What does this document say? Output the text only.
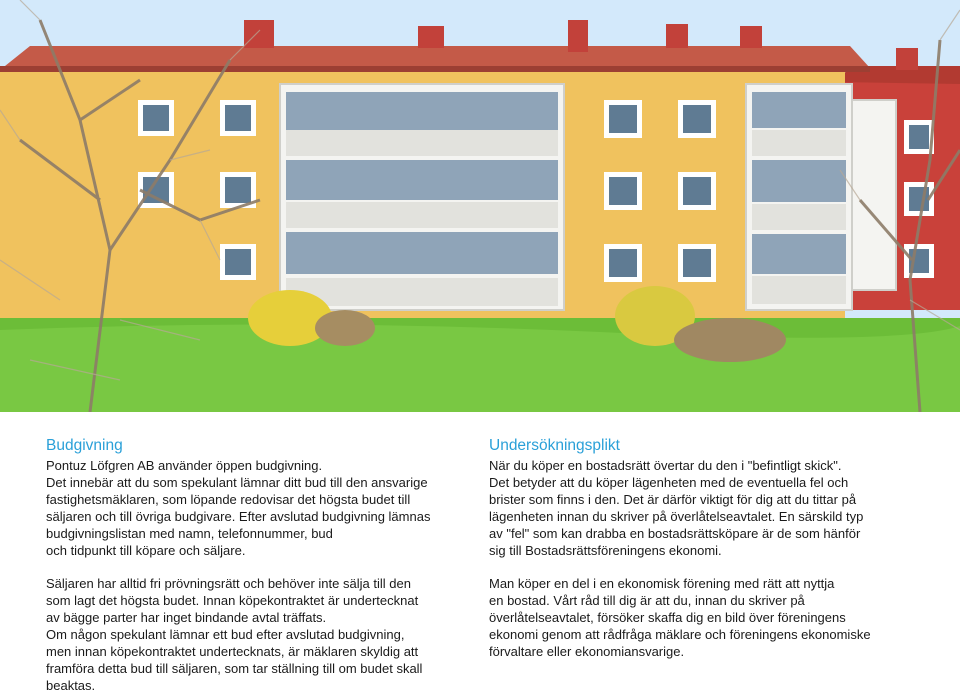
Budgivning

Pontuz Löfgren AB använder öppen budgivning.
Det innebär att du som spekulant lämnar ditt bud till den ansvarige
fastighetsmäklaren, som löpande redovisar det högsta budet till
säljaren och till övriga budgivare. Efter avslutad budgivning lämnas
budgivningslistan med namn, telefonnummer, bud
och tidpunkt till köpare och säljare.

Säljaren har alltid fri prövningsrätt och behöver inte sälja till den
som lagt det högsta budet. Innan köpekontraktet är undertecknat
av bägge parter har inget bindande avtal träffats.
Om någon spekulant lämnar ett bud efter avslutad budgivning,
men innan köpekontraktet undertecknats, är mäklaren skyldig att
framföra detta bud till säljaren, som tar ställning till om budet skall
beaktas.

Undersökningsplikt

När du köper en bostadsrätt övertar du den i "befintligt skick".
Det betyder att du köper lägenheten med de eventuella fel och
brister som finns i den. Det är därför viktigt för dig att du tittar på
lägenheten innan du skriver på överlåtelseavtalet. En särskild typ
av "fel" som kan drabba en bostadsrättsköpare är de som hänför
sig till Bostadsrättsföreningens ekonomi.

Man köper en del i en ekonomisk förening med rätt att nyttja
en bostad. Vårt råd till dig är att du, innan du skriver på
överlåtelseavtalet, försöker skaffa dig en bild över föreningens
ekonomi genom att rådfråga mäklare och föreningens ekonomiske
förvaltare eller ekonomiansvarige.
